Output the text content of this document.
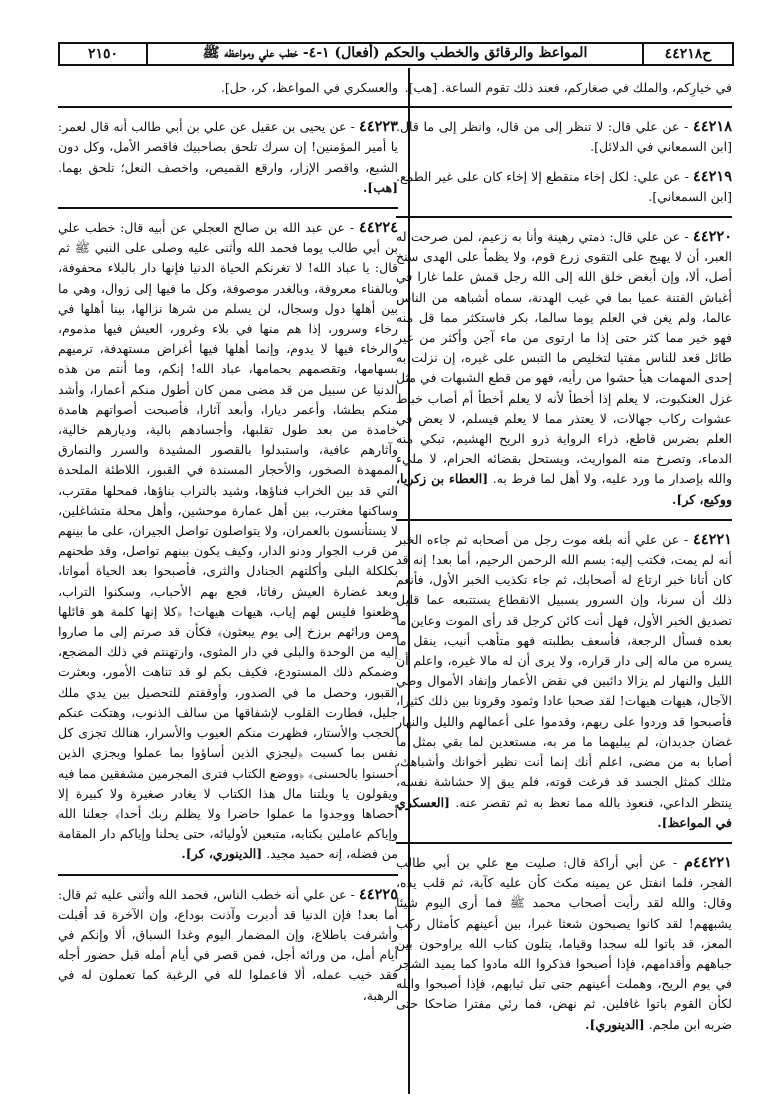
ح٤٤٢١٨
المواعظ والرقائق والخطب والحكم (أفعال) ١-٤- خطب علي ومواعظه ﷺ
٢١٥٠

في خيارِكم، والملك في صغاركم، فعند ذلك تقوم الساعة. [هب].

٤٤٢١٨ - عن علي قال: لا تنظر إلى من قال، وانظر إلى ما قال. [ابن السمعاني في الدلائل].

٤٤٢١٩ - عن علي: لكل إخاء منقطع إلا إخاء كان على غير الطمع. [ابن السمعاني].

٤٤٢٢٠ - عن علي قال: ذمتي رهينة وأنا به زعيم، لمن صرحت له العبر، أن لا يهيج على التقوى زرع قوم، ولا يظمأ على الهدى سنخ أصل، ألا، وإن أبغض خلق الله إلى الله رجل قمش علما غارا في أغباش الفتنة عميا بما في غيب الهدنة، سماه أشباهه من الناس عالما، ولم يغن في العلم يوما سالما، بكر فاستكثر مما قل منه فهو خير مما كثر حتى إذا ما ارتوى من ماء آجن وأكثر من غير طائل قعد للناس مفتيا لتخليص ما التبس على غيره، إن نزلت به إحدى المهمات هيأ حشوا من رأيه، فهو من قطع الشبهات في مثل غزل العنكبوت، لا يعلم إذا أخطأ لأنه لا يعلم أخطأ أم أصاب خباط عشوات ركاب جهالات، لا يعتذر مما لا يعلم فيسلم، لا يعض في العلم بضرس قاطع، ذراء الرواية ذرو الريح الهشيم، تبكي منه الدماء، وتصرخ منه المواريث، ويستحل بقضائه الحرام، لا مليء والله بإصدار ما ورد عليه، ولا أهل لما فرط به. [العطاء بن زكريا، ووكيع، كر].

٤٤٢٢١ - عن علي أنه بلغه موت رجل من أصحابه ثم جاءه الخبر أنه لم يمت، فكتب إليه: بسم الله الرحمن الرحيم، أما بعد! إنه قد كان أتانا خبر ارتاع له أصحابك، ثم جاء تكذيب الخبر الأول، فأنعم ذلك أن سرنا، وإن السرور بسبيل الانقطاع يستتبعه عما قليل تصديق الخبر الأول، فهل أنت كائن كرجل قد رأى الموت وعاين ما بعده فسأل الرجعة، فأسعف بطلبته فهو متأهب أنيب، ينقل ما يسره من ماله إلى دار قراره، ولا يرى أن له مالا غيره، واعلم أن الليل والنهار لم يزالا دائبين في نقض الأعمار وإنفاد الأموال وطي الآجال، هيهات هيهات! لقد صحبا عادا وثمود وقرونا بين ذلك كثيرا، فأصبحوا قد وردوا على ربهم، وقدموا على أعمالهم والليل والنهار غضان جديدان، لم يبليهما ما مر به، مستعدين لما بقي بمثل ما أصابا به من مضى، اعلم أنك إنما أنت نظير أخوانك وأشباهك، مثلك كمثل الجسد قد فرغت قوته، فلم يبق إلا حشاشة نفسه، ينتظر الداعي، فنعوذ بالله مما نعظ به ثم تقصر عنه. [العسكري في المواعظ].

٤٤٢٢١م - عن أبي أراكة قال: صليت مع علي بن أبي طالب الفجر، فلما انفتل عن يمينه مكث كأن عليه كآبة، ثم قلب يده، وقال: والله لقد رأيت أصحاب محمد ﷺ فما أرى اليوم شيئا يشبههم! لقد كانوا يصبحون شعثا غبرا، بين أعينهم كأمثال ركب المعز، قد باتوا لله سجدا وقياما، يتلون كتاب الله يراوحون بين جباههم وأقدامهم، فإذا أصبحوا فذكروا الله مادوا كما يميد الشجر في يوم الريح، وهملت أعينهم حتى تبل ثيابهم، فإذا أصبحوا والله لكأن القوم باتوا غافلين. ثم نهض، فما رئي مفترا ضاحكا حتى ضربه ابن ملجم. [الدينوري].

والعسكري في المواعظ، كر، حل].

٤٤٢٢٣ - عن يحيى بن عقيل عن علي بن أبي طالب أنه قال لعمر: يا أمير المؤمنين! إن سرك تلحق بصاحبيك فاقصر الأمل، وكل دون الشبع، واقصر الإزار، وارقع القميص، واخصف النعل؛ تلحق بهما. [هب].

٤٤٢٢٤ - عن عبد الله بن صالح العجلي عن أبيه قال: خطب علي بن أبي طالب يوما فحمد الله وأثنى عليه وصلى على النبي ﷺ ثم قال: يا عباد الله! لا تغرنكم الحياة الدنيا فإنها دار بالبلاء محفوفة، وبالفناء معروفة، وبالغدر موصوفة، وكل ما فيها إلى زوال، وهي ما بين أهلها دول وسجال، لن يسلم من شرها نزالها، بينا أهلها في رخاء وسرور، إذا هم منها في بلاء وغرور، العيش فيها مذموم، والرخاء فيها لا يدوم، وإنما أهلها فيها أغراض مستهدفة، ترميهم بسهامها، وتقصمهم بحمامها، عباد الله! إنكم، وما أنتم من هذه الدنيا عن سبيل من قد مضى ممن كان أطول منكم أعمارا، وأشد منكم بطشا، وأعمر ديارا، وأبعد آثارا، فأصبحت أصواتهم هامدة خامدة من بعد طول تقلبها، وأجسادهم بالية، وديارهم خالية، وآثارهم عافية، واستبدلوا بالقصور المشيدة والسرر والنمارق الممهدة الصخور، والأحجار المسندة في القبور، اللاطئة الملحدة التي قد بين الخراب فناؤها، وشيد بالتراب بناؤها، فمحلها مقترب، وساكنها مغترب، بين أهل عمارة موحشين، وأهل محلة متشاغلين، لا يستأنسون بالعمران، ولا يتواصلون تواصل الجيران، على ما بينهم من قرب الجوار ودنو الدار، وكيف يكون بينهم تواصل، وقد طحنهم بكلكلة البلى وأكلتهم الجنادل والثرى، فأصبحوا بعد الحياة أمواتا، وبعد غضارة العيش رفاتا، فجع بهم الأحباب، وسكنوا التراب، وظعنوا فليس لهم إياب، هيهات هيهات! ﴿كلا إنها كلمة هو قائلها ومن ورائهم برزخ إلى يوم يبعثون﴾ فكأن قد صرتم إلى ما صاروا إليه من الوحدة والبلى في دار المثوى، وارتهنتم في ذلك المضجع، وضمكم ذلك المستودع، فكيف بكم لو قد تناهت الأمور، وبعثرت القبور، وحصل ما في الصدور، وأوقفتم للتحصيل بين يدي ملك جليل، فطارت القلوب لإشفاقها من سالف الذنوب، وهتكت عنكم الحجب والأستار، فظهرت منكم العيوب والأسرار، هنالك تجزى كل نفس بما كسبت ﴿ليجزي الذين أساؤوا بما عملوا ويجزي الذين أحسنوا بالحسنى﴾ ﴿ووضع الكتاب فترى المجرمين مشفقين مما فيه ويقولون يا ويلتنا مال هذا الكتاب لا يغادر صغيرة ولا كبيرة إلا أحصاها ووجدوا ما عملوا حاضرا ولا يظلم ربك أحدا﴾ جعلنا الله وإياكم عاملين بكتابه، متبعين لأوليائه، حتى يحلنا وإياكم دار المقامة من فضله، إنه حميد مجيد. [الدينوري، كر].

٤٤٢٢٥ - عن علي أنه خطب الناس، فحمد الله وأثنى عليه ثم قال: أما بعد! فإن الدنيا قد أدبرت وآذنت بوداع، وإن الآخرة قد أقبلت وأشرفت باطلاع، وإن المضمار اليوم وغدا السباق، ألا وإنكم في أيام أمل، من ورائه أجل، فمن قصر في أيام أمله قبل حضور أجله فقد خيب عمله، ألا فاعملوا لله في الرغبة كما تعملون له في الرهبة،
